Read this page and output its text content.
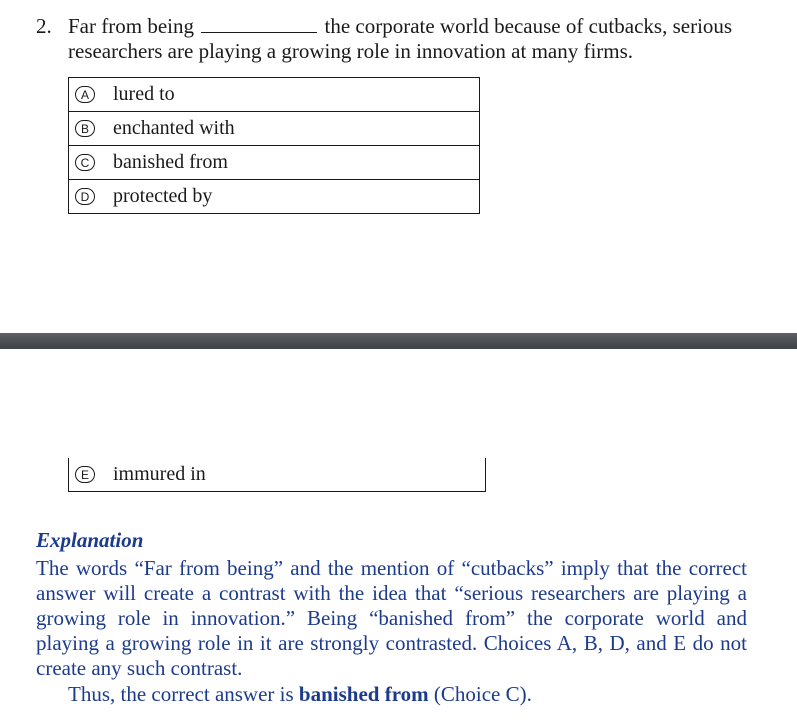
2. Far from being	the corporate world because of cutbacks, serious
researchers are playing a growing role in innovation at many firms.
A	lured to
B	enchanted with
C banished from
D protected by
E	immured in
Explanation
The words “Far from being” and the mention of “cutbacks” imply that the correct answer will create a contrast with the idea that “serious researchers are playing a growing role in innovation.” Being “banished from” the corporate world and playing a growing role in it are strongly contrasted. Choices A, B, D, and E do not create any such contrast.
Thus, the correct answer is banished from (Choice C).
